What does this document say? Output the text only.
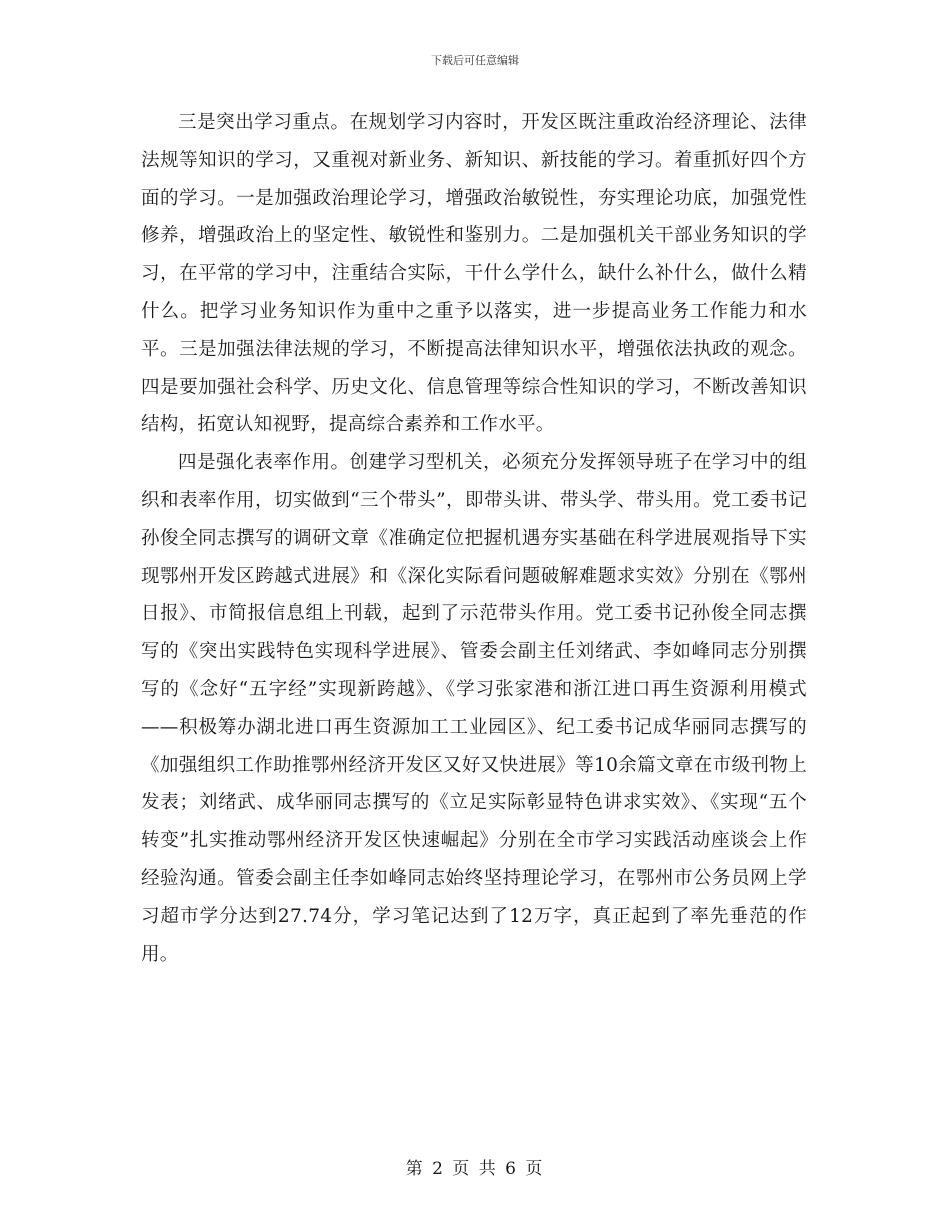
下载后可任意编辑

三是突出学习重点。在规划学习内容时，开发区既注重政治经济理论、法律法规等知识的学习，又重视对新业务、新知识、新技能的学习。着重抓好四个方面的学习。一是加强政治理论学习，增强政治敏锐性，夯实理论功底，加强党性修养，增强政治上的坚定性、敏锐性和鉴别力。二是加强机关干部业务知识的学习，在平常的学习中，注重结合实际，干什么学什么，缺什么补什么，做什么精什么。把学习业务知识作为重中之重予以落实，进一步提高业务工作能力和水平。三是加强法律法规的学习，不断提高法律知识水平，增强依法执政的观念。四是要加强社会科学、历史文化、信息管理等综合性知识的学习，不断改善知识结构，拓宽认知视野，提高综合素养和工作水平。

四是强化表率作用。创建学习型机关，必须充分发挥领导班子在学习中的组织和表率作用，切实做到“三个带头”，即带头讲、带头学、带头用。党工委书记孙俊全同志撰写的调研文章《准确定位把握机遇夯实基础在科学进展观指导下实现鄂州开发区跨越式进展》和《深化实际看问题破解难题求实效》分别在《鄂州日报》、市简报信息组上刊载，起到了示范带头作用。党工委书记孙俊全同志撰写的《突出实践特色实现科学进展》、管委会副主任刘绪武、李如峰同志分别撰写的《念好“五字经”实现新跨越》、《学习张家港和浙江进口再生资源利用模式——积极筹办湖北进口再生资源加工工业园区》、纪工委书记成华丽同志撰写的《加强组织工作助推鄂州经济开发区又好又快进展》等10余篇文章在市级刊物上发表；刘绪武、成华丽同志撰写的《立足实际彰显特色讲求实效》、《实现“五个转变”扎实推动鄂州经济开发区快速崛起》分别在全市学习实践活动座谈会上作经验沟通。管委会副主任李如峰同志始终坚持理论学习，在鄂州市公务员网上学习超市学分达到27.74分，学习笔记达到了12万字，真正起到了率先垂范的作用。

第 2 页 共 6 页
